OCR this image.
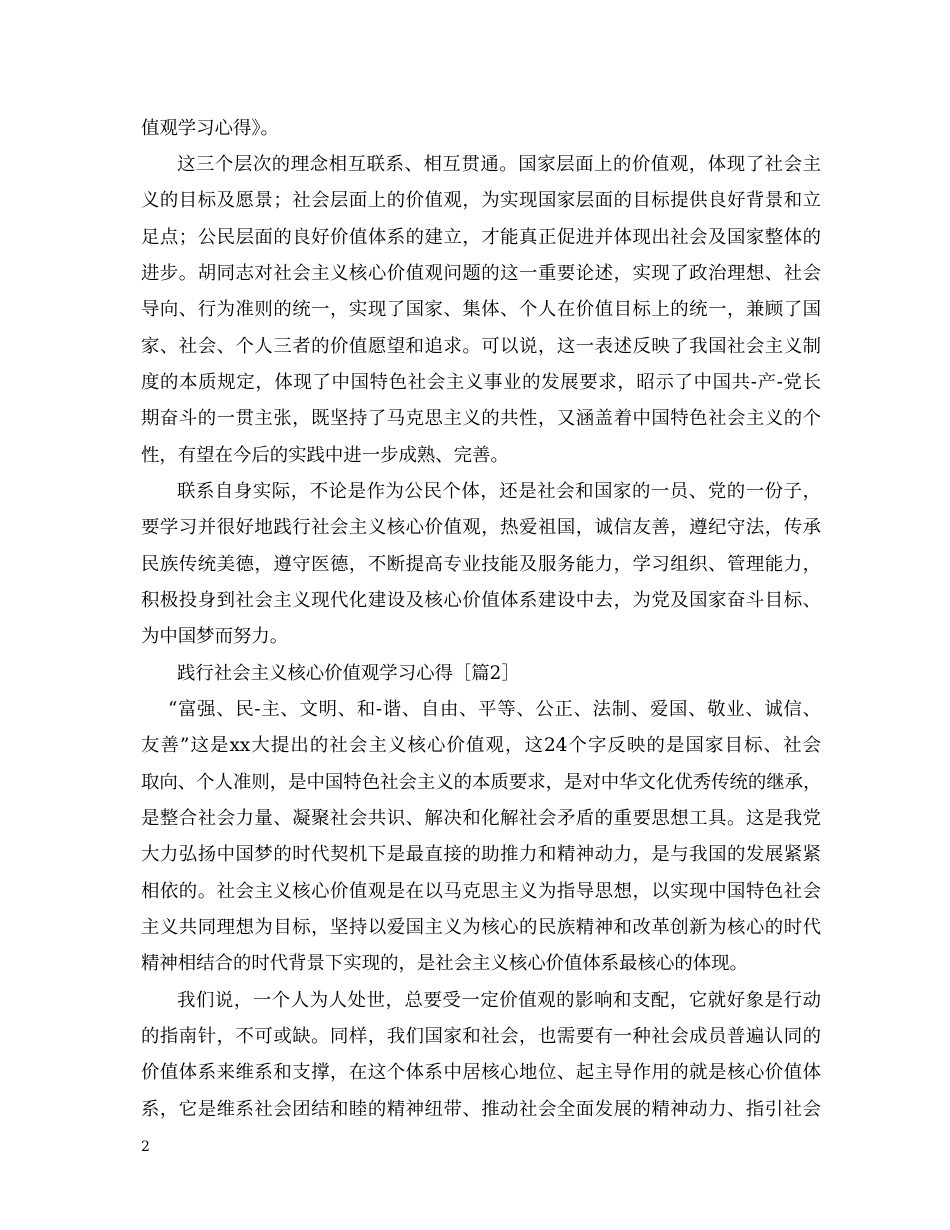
值观学习心得》。
这三个层次的理念相互联系、相互贯通。国家层面上的价值观，体现了社会主
义的目标及愿景；社会层面上的价值观，为实现国家层面的目标提供良好背景和立
足点；公民层面的良好价值体系的建立，才能真正促进并体现出社会及国家整体的
进步。胡同志对社会主义核心价值观问题的这一重要论述，实现了政治理想、社会
导向、行为准则的统一，实现了国家、集体、个人在价值目标上的统一，兼顾了国
家、社会、个人三者的价值愿望和追求。可以说，这一表述反映了我国社会主义制
度的本质规定，体现了中国特色社会主义事业的发展要求，昭示了中国共-产-党长
期奋斗的一贯主张，既坚持了马克思主义的共性，又涵盖着中国特色社会主义的个
性，有望在今后的实践中进一步成熟、完善。
联系自身实际，不论是作为公民个体，还是社会和国家的一员、党的一份子，
要学习并很好地践行社会主义核心价值观，热爱祖国，诚信友善，遵纪守法，传承
民族传统美德，遵守医德，不断提高专业技能及服务能力，学习组织、管理能力，
积极投身到社会主义现代化建设及核心价值体系建设中去，为党及国家奋斗目标、
为中国梦而努力。
践行社会主义核心价值观学习心得［篇2］
“富强、民-主、文明、和-谐、自由、平等、公正、法制、爱国、敬业、诚信、
友善”这是xx大提出的社会主义核心价值观，这24个字反映的是国家目标、社会
取向、个人准则，是中国特色社会主义的本质要求，是对中华文化优秀传统的继承，
是整合社会力量、凝聚社会共识、解决和化解社会矛盾的重要思想工具。这是我党
大力弘扬中国梦的时代契机下是最直接的助推力和精神动力，是与我国的发展紧紧
相依的。社会主义核心价值观是在以马克思主义为指导思想，以实现中国特色社会
主义共同理想为目标，坚持以爱国主义为核心的民族精神和改革创新为核心的时代
精神相结合的时代背景下实现的，是社会主义核心价值体系最核心的体现。
我们说，一个人为人处世，总要受一定价值观的影响和支配，它就好象是行动
的指南针，不可或缺。同样，我们国家和社会，也需要有一种社会成员普遍认同的
价值体系来维系和支撑，在这个体系中居核心地位、起主导作用的就是核心价值体
系，它是维系社会团结和睦的精神纽带、推动社会全面发展的精神动力、指引社会
2
